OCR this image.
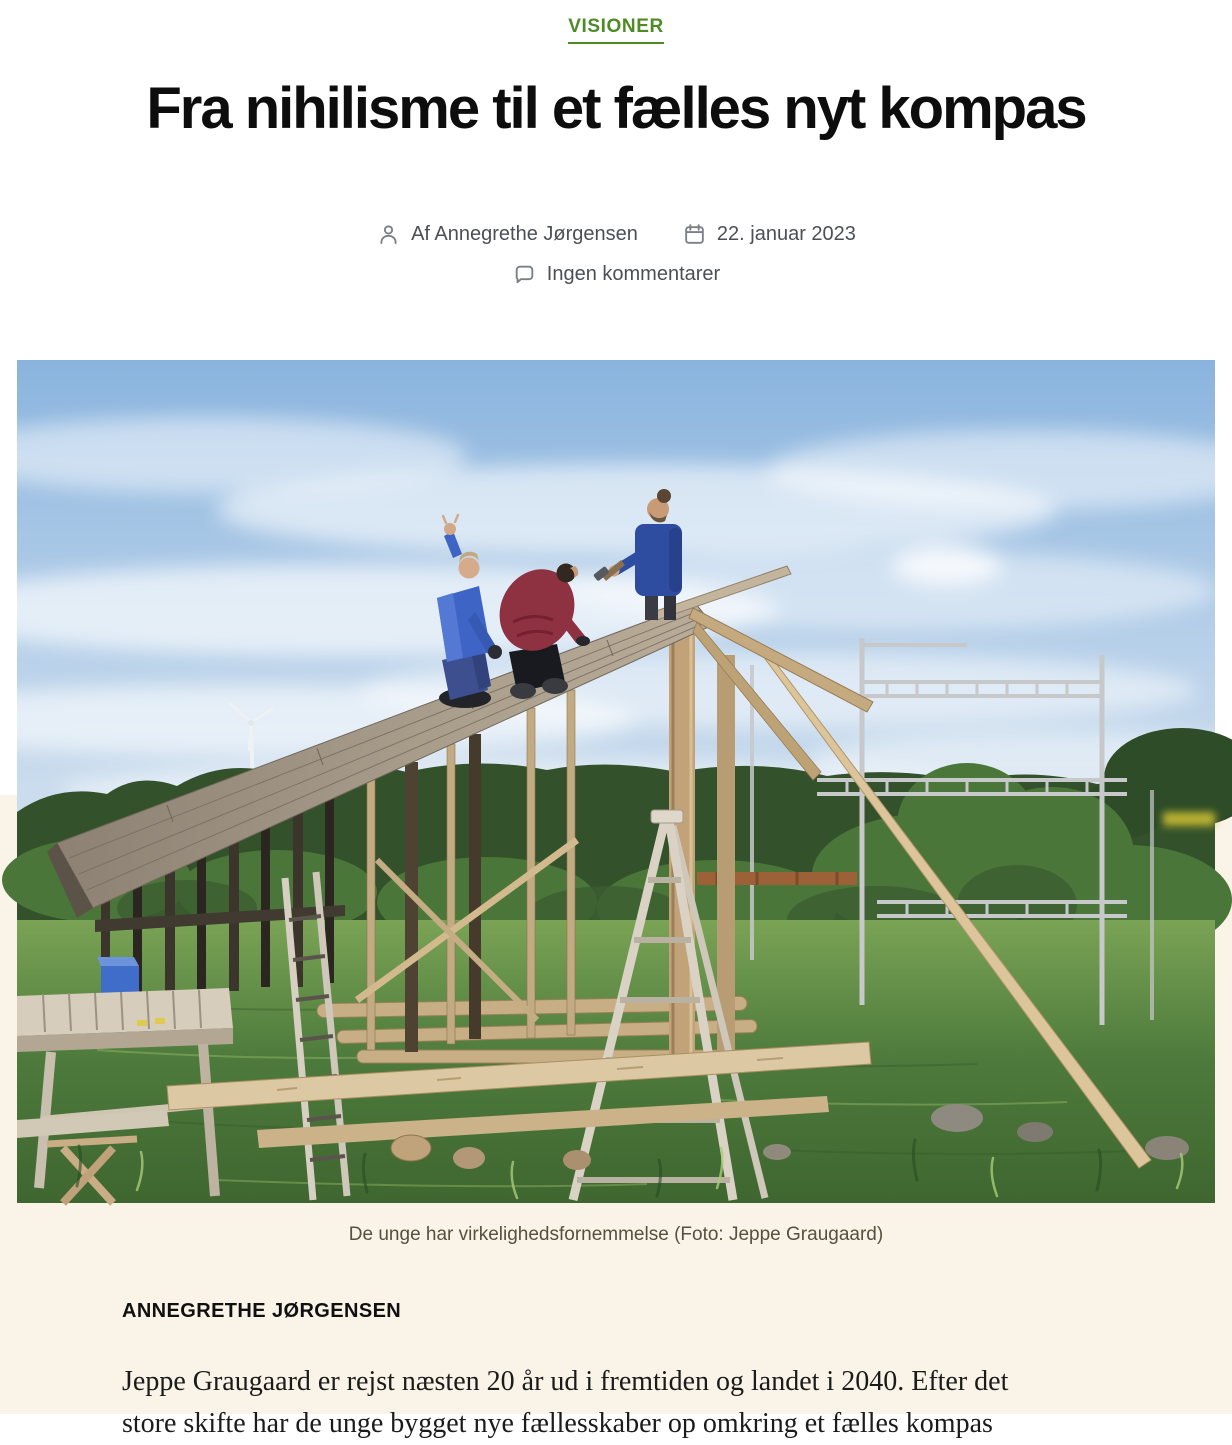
VISIONER
Fra nihilisme til et fælles nyt kompas
Af Annegrethe Jørgensen	22. januar 2023
Ingen kommentarer
De unge har virkelighedsfornemmelse (Foto: Jeppe Graugaard)
ANNEGRETHE JØRGENSEN

Jeppe Graugaard er rejst næsten 20 år ud i fremtiden og landet i 2040. Efter det
store skifte har de unge bygget nye fællesskaber op omkring et fælles kompas
